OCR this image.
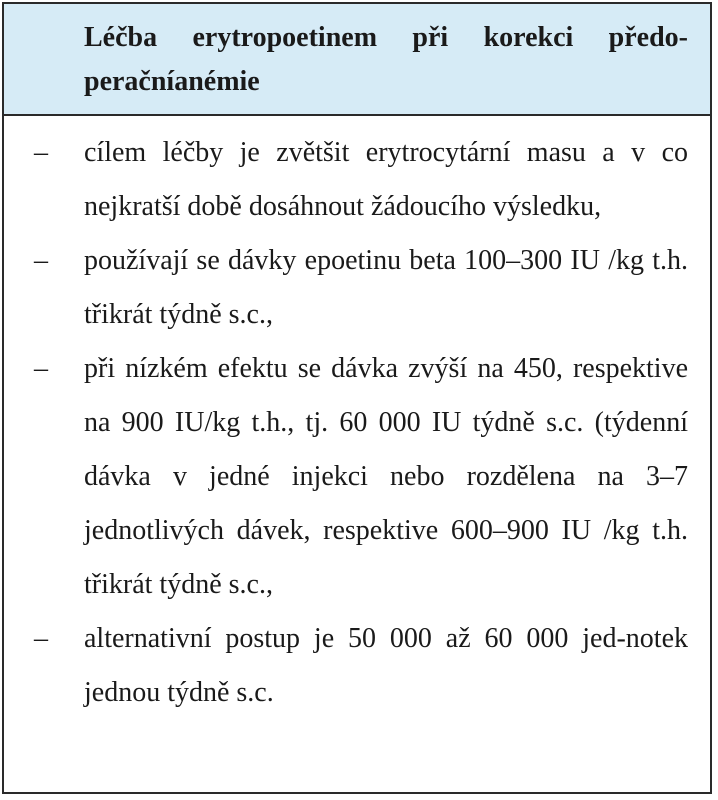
Léčba erytropoetinem při korekci předo-peračníanémie
–	cílem léčby je zvětšit erytrocytární masu a v co nejkratší době dosáhnout žádoucího výsledku,
–	používají se dávky epoetinu beta 100–300 IU /kg t.h. třikrát týdně s.c.,
–	při nízkém efektu se dávka zvýší na 450, respektive na 900 IU/kg t.h., tj. 60 000 IU týdně s.c. (týdenní dávka v jedné injekci nebo rozdělena na 3–7 jednotlivých dávek, respektive 600–900 IU /kg t.h. třikrát týdně s.c.,
–	alternativní postup je 50 000 až 60 000 jed-notek jednou týdně s.c.
